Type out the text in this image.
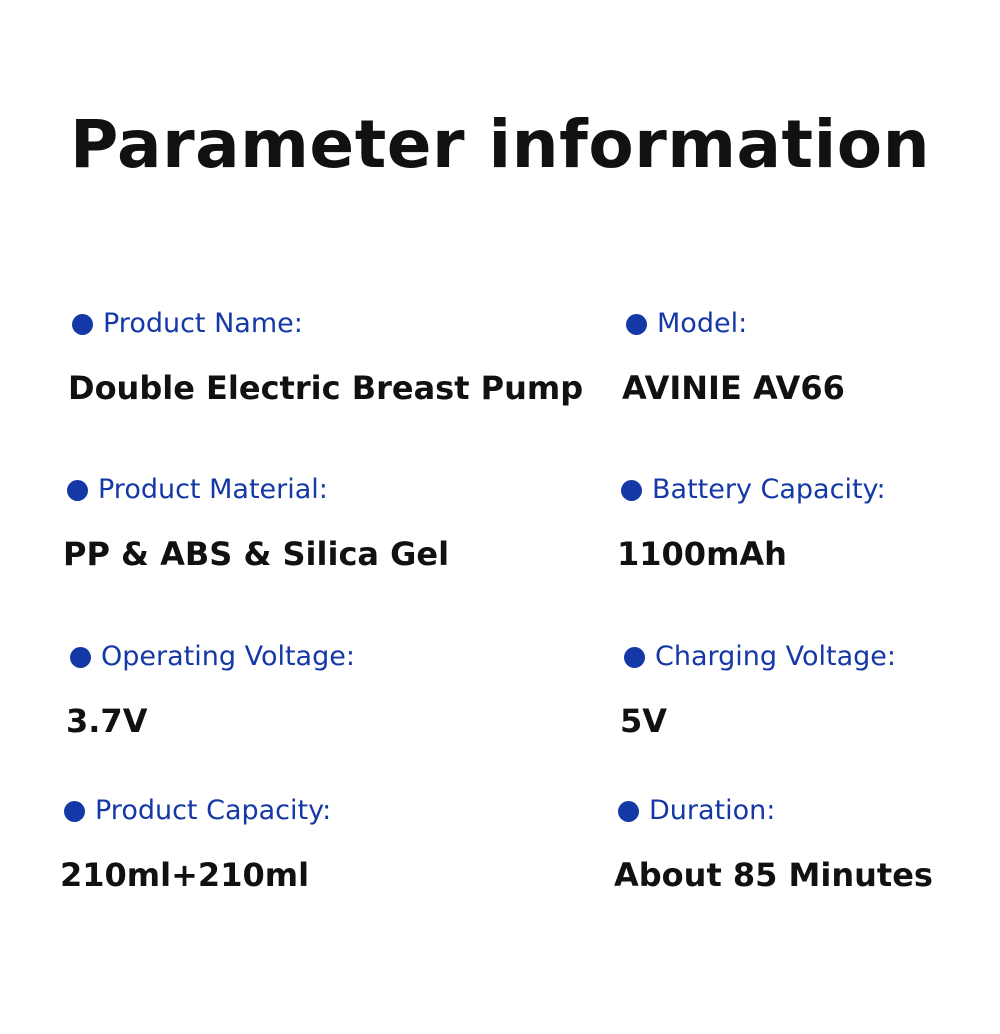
Parameter information
Product Name:
Double Electric Breast Pump
Model:
AVINIE AV66
Product Material:
PP & ABS & Silica Gel
Battery Capacity:
1100mAh
Operating Voltage:
3.7V
Charging Voltage:
5V
Product Capacity:
210ml+210ml
Duration:
About 85 Minutes
